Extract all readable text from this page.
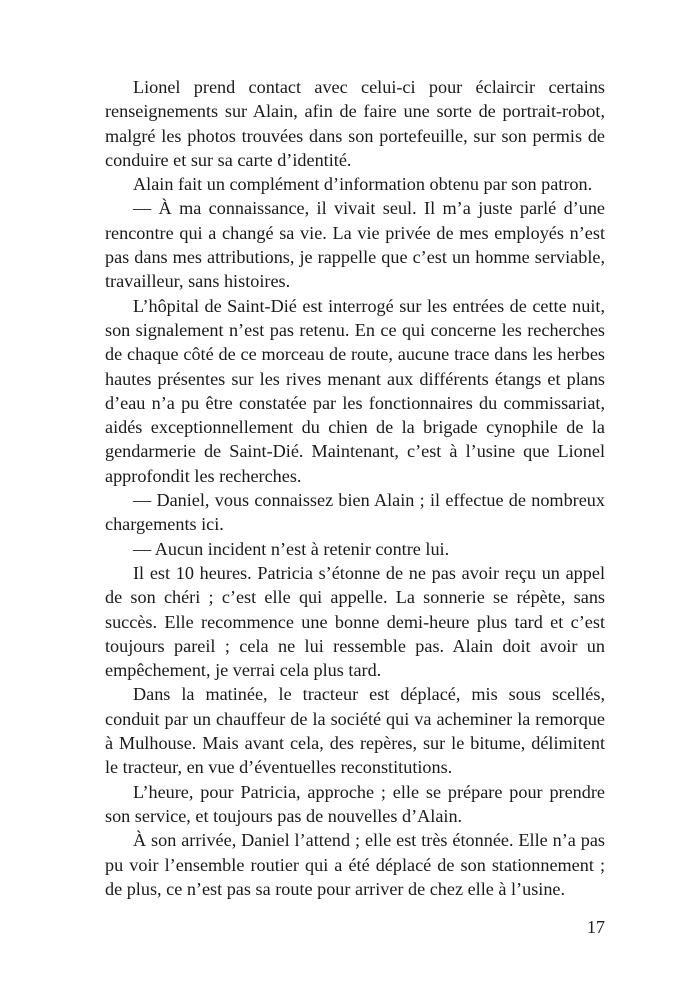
Lionel prend contact avec celui-ci pour éclaircir certains renseignements sur Alain, afin de faire une sorte de portrait-robot, malgré les photos trouvées dans son portefeuille, sur son permis de conduire et sur sa carte d’identité.

Alain fait un complément d’information obtenu par son patron.

— À ma connaissance, il vivait seul. Il m’a juste parlé d’une rencontre qui a changé sa vie. La vie privée de mes employés n’est pas dans mes attributions, je rappelle que c’est un homme serviable, travailleur, sans histoires.

L’hôpital de Saint-Dié est interrogé sur les entrées de cette nuit, son signalement n’est pas retenu. En ce qui concerne les recherches de chaque côté de ce morceau de route, aucune trace dans les herbes hautes présentes sur les rives menant aux différents étangs et plans d’eau n’a pu être constatée par les fonctionnaires du commissariat, aidés exceptionnellement du chien de la brigade cynophile de la gendarmerie de Saint-Dié. Maintenant, c’est à l’usine que Lionel approfondit les recherches.

— Daniel, vous connaissez bien Alain ; il effectue de nombreux chargements ici.

— Aucun incident n’est à retenir contre lui.

Il est 10 heures. Patricia s’étonne de ne pas avoir reçu un appel de son chéri ; c’est elle qui appelle. La sonnerie se répète, sans succès. Elle recommence une bonne demi-heure plus tard et c’est toujours pareil ; cela ne lui ressemble pas. Alain doit avoir un empêchement, je verrai cela plus tard.

Dans la matinée, le tracteur est déplacé, mis sous scellés, conduit par un chauffeur de la société qui va acheminer la remorque à Mulhouse. Mais avant cela, des repères, sur le bitume, délimitent le tracteur, en vue d’éventuelles reconstitutions.

L’heure, pour Patricia, approche ; elle se prépare pour prendre son service, et toujours pas de nouvelles d’Alain.

À son arrivée, Daniel l’attend ; elle est très étonnée. Elle n’a pas pu voir l’ensemble routier qui a été déplacé de son stationnement ; de plus, ce n’est pas sa route pour arriver de chez elle à l’usine.

17
